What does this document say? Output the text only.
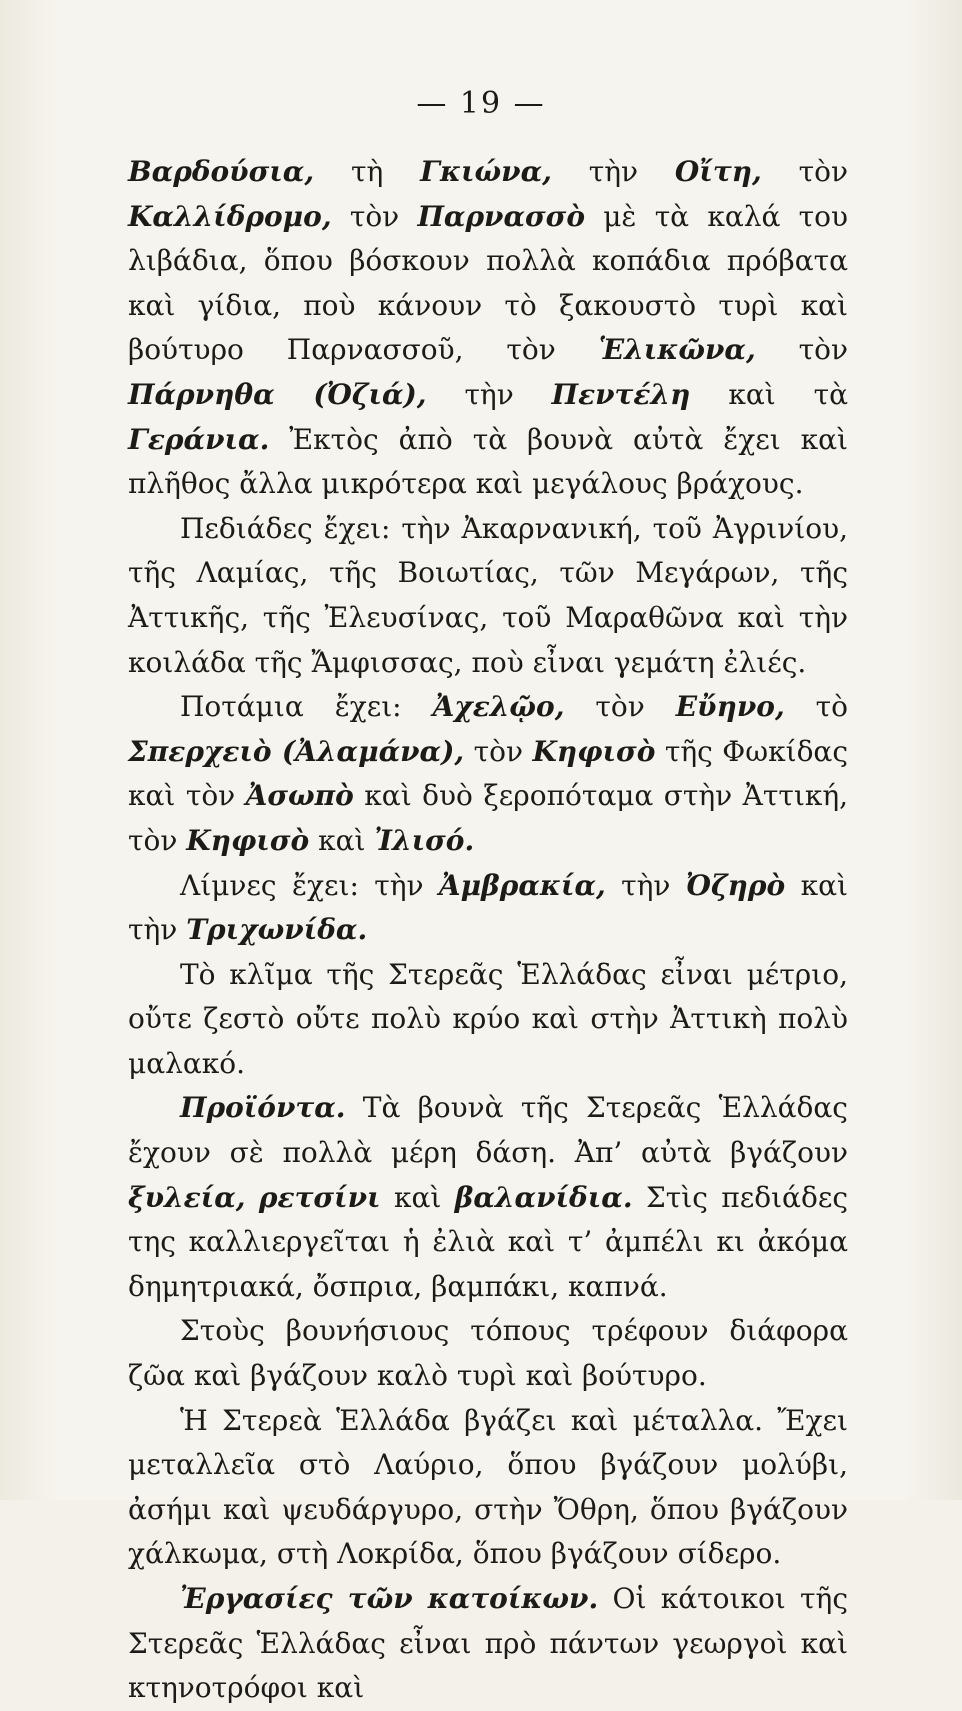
— 19 —

Βαρδούσια, τὴ Γκιώνα, τὴν Οἴτη, τὸν Καλλίδρομο, τὸν Παρνασσὸ μὲ τὰ καλά του λιβάδια, ὅπου βόσκουν πολλὰ κοπάδια πρόβατα καὶ γίδια, ποὺ κάνουν τὸ ξακουστὸ τυρὶ καὶ βούτυρο Παρνασσοῦ, τὸν Ἑλικῶνα, τὸν Πάρνηθα (Ὀζιά), τὴν Πεντέλη καὶ τὰ Γεράνια. Ἐκτὸς ἀπὸ τὰ βουνὰ αὐτὰ ἔχει καὶ πλῆθος ἄλλα μικρότερα καὶ μεγάλους βράχους.

Πεδιάδες ἔχει: τὴν Ἀκαρνανική, τοῦ Ἀγρινίου, τῆς Λαμίας, τῆς Βοιωτίας, τῶν Μεγάρων, τῆς Ἀττικῆς, τῆς Ἐλευσίνας, τοῦ Μαραθῶνα καὶ τὴν κοιλάδα τῆς Ἄμφισσας, ποὺ εἶναι γεμάτη ἐλιές.

Ποτάμια ἔχει: Ἀχελῷο, τὸν Εὔηνο, τὸ Σπερχειὸ (Ἀλαμάνα), τὸν Κηφισὸ τῆς Φωκίδας καὶ τὸν Ἀσωπὸ καὶ δυὸ ξεροπόταμα στὴν Ἀττική, τὸν Κηφισὸ καὶ Ἰλισό.

Λίμνες ἔχει: τὴν Ἀμβρακία, τὴν Ὀζηρὸ καὶ τὴν Τριχωνίδα.

Τὸ κλῖμα τῆς Στερεᾶς Ἑλλάδας εἶναι μέτριο, οὔτε ζεστὸ οὔτε πολὺ κρύο καὶ στὴν Ἀττικὴ πολὺ μαλακό.

Προϊόντα. Τὰ βουνὰ τῆς Στερεᾶς Ἑλλάδας ἔχουν σὲ πολλὰ μέρη δάση. Ἀπ’ αὐτὰ βγάζουν ξυλεία, ρετσίνι καὶ βαλανίδια. Στὶς πεδιάδες της καλλιεργεῖται ἡ ἐλιὰ καὶ τ’ ἀμπέλι κι ἀκόμα δημητριακά, ὄσπρια, βαμπάκι, καπνά.

Στοὺς βουνήσιους τόπους τρέφουν διάφορα ζῶα καὶ βγάζουν καλὸ τυρὶ καὶ βούτυρο.

Ἡ Στερεὰ Ἑλλάδα βγάζει καὶ μέταλλα. Ἔχει μεταλλεῖα στὸ Λαύριο, ὅπου βγάζουν μολύβι, ἀσήμι καὶ ψευδάργυρο, στὴν Ὄθρη, ὅπου βγάζουν χάλκωμα, στὴ Λοκρίδα, ὅπου βγάζουν σίδερο.

Ἐργασίες τῶν κατοίκων. Οἱ κάτοικοι τῆς Στερεᾶς Ἑλλάδας εἶναι πρὸ πάντων γεωργοὶ καὶ κτηνοτρόφοι καὶ
